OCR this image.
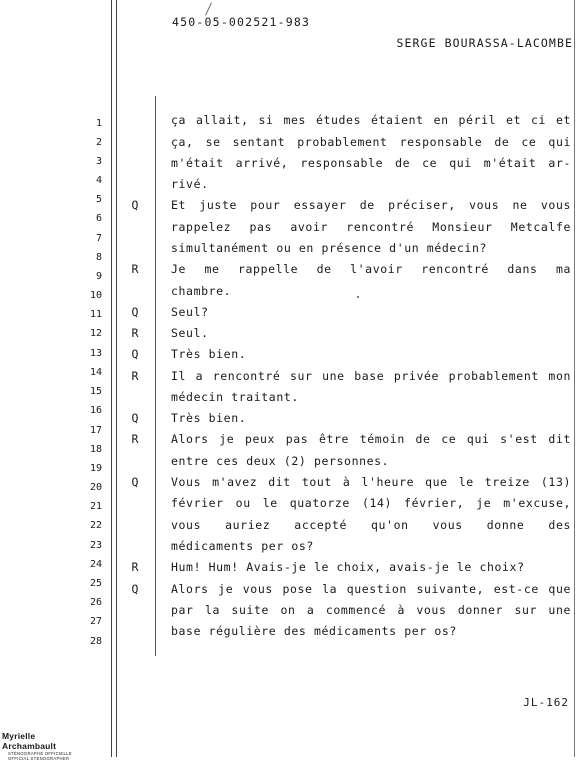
450-05-002521-983
SERGE BOURASSA-LACOMBE
1
2
3
4
5
6
7
8
9
10
11
12
13
14
15
16
17
18
19
20
21
22
23
24
25
26
27
28
ça allait, si mes études étaient en péril et ci et
ça, se sentant probablement responsable de ce qui
m'était arrivé, responsable de ce qui m'était ar-
rivé.
Q	Et juste pour essayer de préciser, vous ne vous
rappelez pas avoir rencontré Monsieur Metcalfe
simultanément ou en présence d'un médecin?
R	Je me rappelle de l'avoir rencontré dans ma
chambre.
Q	Seul?
R	Seul.
Q	Très bien.
R	Il a rencontré sur une base privée probablement mon
médecin traitant.
Q	Très bien.
R	Alors je peux pas être témoin de ce qui s'est dit
entre ces deux (2) personnes.
Q	Vous m'avez dit tout à l'heure que le treize (13)
février ou le quatorze (14) février, je m'excuse,
vous auriez accepté qu'on vous donne des
médicaments per os?
R	Hum! Hum! Avais-je le choix, avais-je le choix?
Q	Alors je vous pose la question suivante, est-ce que
par la suite on a commencé à vous donner sur une
base régulière des médicaments per os?
JL-162
Myrielle Archambault
STÉNOGRAPHE OFFICIELLE
OFFICIAL STENOGRAPHER
